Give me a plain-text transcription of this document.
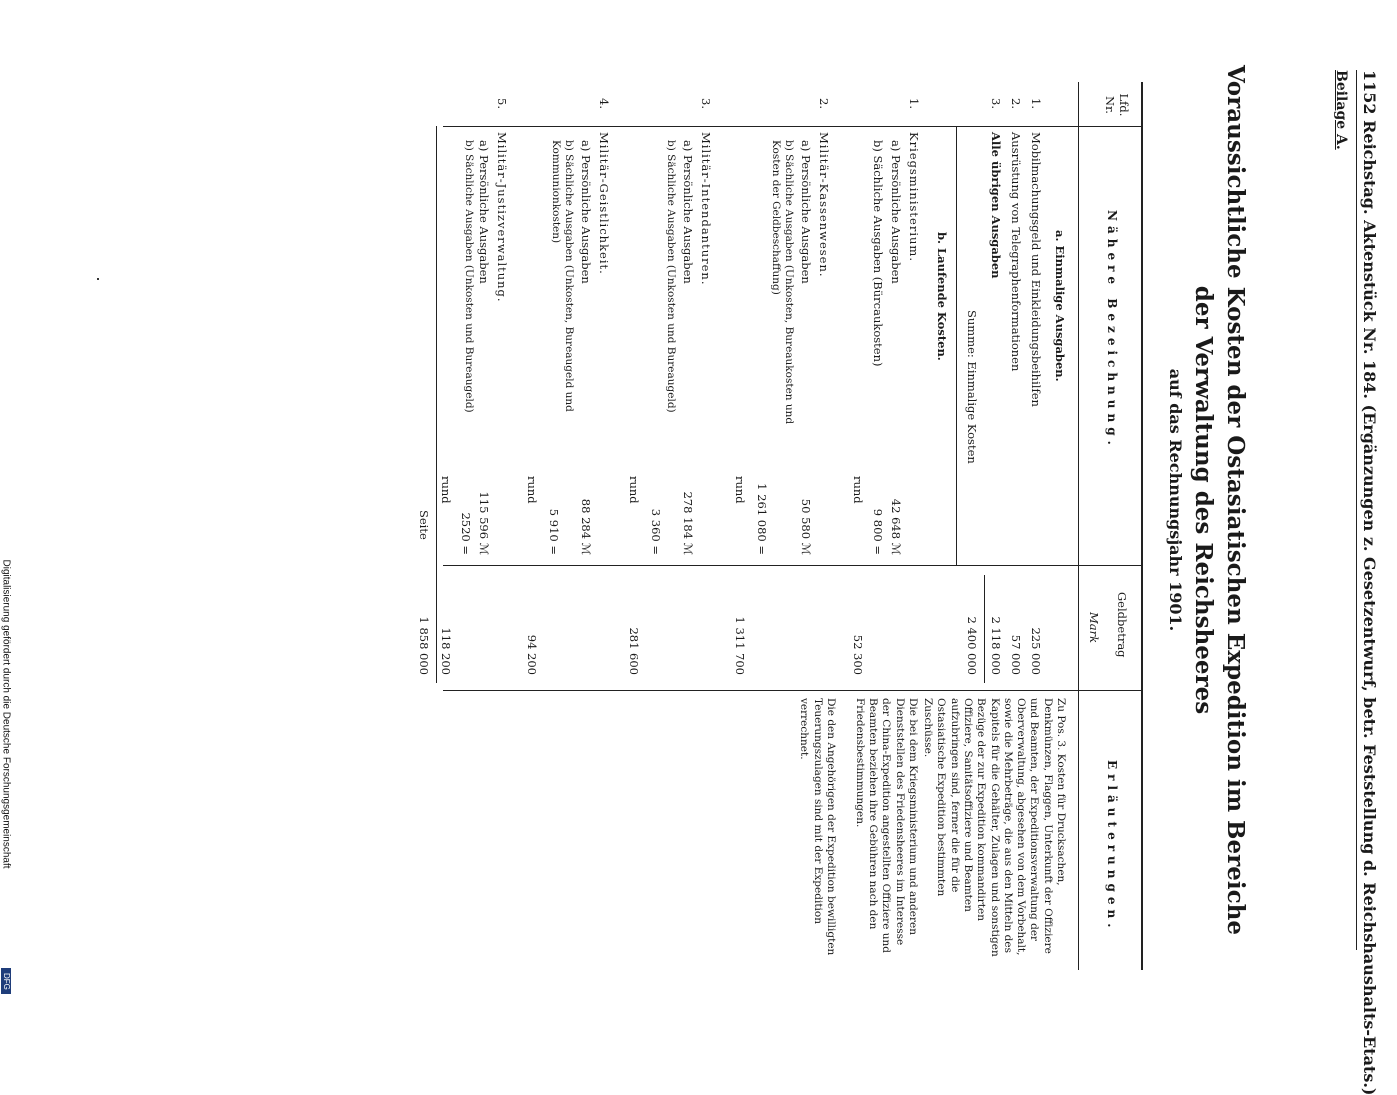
1152 Reichstag. Aktenstück Nr. 184. (Ergänzungen z. Gesetzentwurf, betr. Feststellung d. Reichshaushalts-Etats.)
Beilage A.
Voraussichtliche Kosten der Ostasiatischen Expedition im Bereiche
der Verwaltung des Reichsheeres
auf das Rechnungsjahr 1901.
Lfd. Nr.
Nähere Bezeichnung.
Geldbetrag
Mark
Erläuterungen.
a. Einmalige Ausgaben.
1.
Mobilmachungsgeld und Einkleidungsbeihilfen
225 000
2.
Ausrüstung von Telegraphenformationen
57 000
3.
Alle übrigen Ausgaben
2 118 000
Summe: Einmalige Kosten
2 400 000
b. Laufende Kosten.
1.
Kriegsministerium.
a) Persönliche Ausgaben
42 648 ℳ
b) Sächliche Ausgaben (Bürcaukosten)
9 800 =
rund
52 300
2.
Militär-Kassenwesen.
a) Persönliche Ausgaben
50 580 ℳ
b) Sächliche Ausgaben (Unkosten, Bureaukosten und Kosten der Geldbeschaffung)
1 261 080 =
rund
1 311 700
3.
Militär-Intendanturen.
a) Persönliche Ausgaben
278 184 ℳ
b) Sächliche Ausgaben (Unkosten und Bureaugeld)
3 360 =
rund
281 600
4.
Militär-Geistlichkeit.
a) Persönliche Ausgaben
88 284 ℳ
b) Sächliche Ausgaben (Unkosten, Bureaugeld und Kommunionkosten)
5 910 =
rund
94 200
5.
Militär-Justizverwaltung.
a) Persönliche Ausgaben
115 596 ℳ
b) Sächliche Ausgaben (Unkosten und Bureaugeld)
2520 =
rund
118 200
Seite
1 858 000
Zu Pos. 3. Kosten für Drucksachen, Denkmünzen, Flaggen, Unterkunft der Offiziere und Beamten, der Expeditionsverwaltung der Oberverwaltung, abgesehen von dem Vorbehalt, sowie die Mehrbeträge, die aus den Mitteln des Kapitels für die Gehälter, Zulagen und sonstigen Bezüge der zur Expedition kommandirten Offiziere, Sanitätsoffiziere und Beamten aufzubringen sind, ferner die für die Ostasiatische Expedition bestimmten Zuschüsse.
Die bei dem Kriegsministerium und anderen Dienststellen des Friedensheeres im Interesse der China-Expedition angestellten Offiziere und Beamten beziehen ihre Gebühren nach den Friedensbestimmungen.
Die den Angehörigen der Expedition bewilligten Teuerungszulagen sind mit der Expedition verrechnet.
Digitalisierung gefördert durch die Deutsche Forschungsgemeinschaft
DFG
